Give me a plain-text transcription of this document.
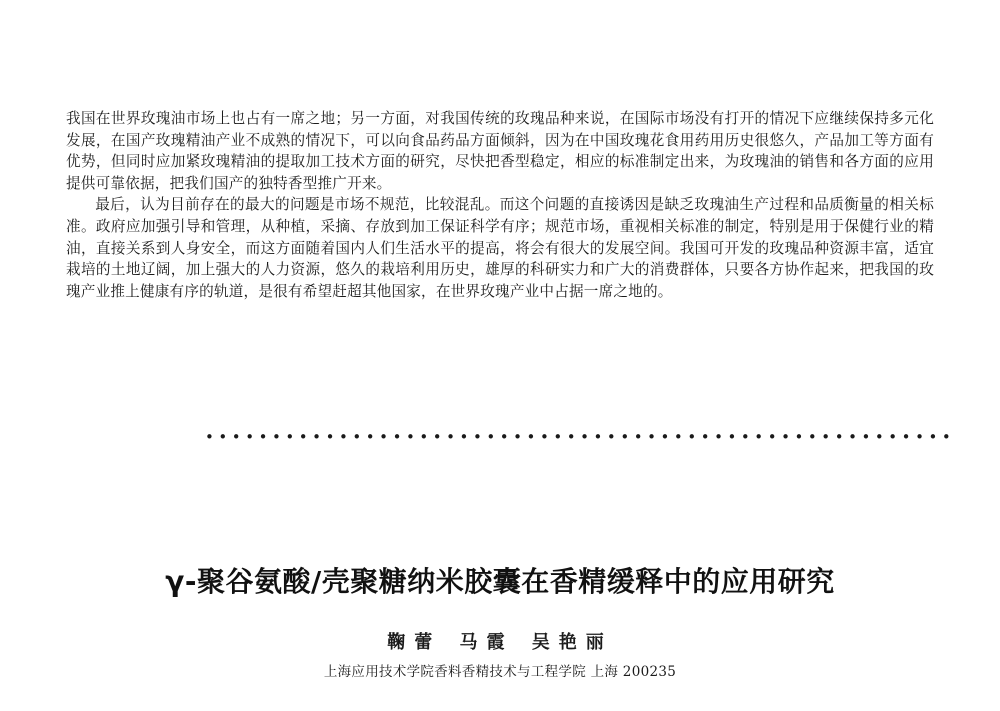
我国在世界玫瑰油市场上也占有一席之地；另一方面，对我国传统的玫瑰品种来说，在国际市场没有打开的情况下应继续保持多元化发展，在国产玫瑰精油产业不成熟的情况下，可以向食品药品方面倾斜，因为在中国玫瑰花食用药用历史很悠久，产品加工等方面有优势，但同时应加紧玫瑰精油的提取加工技术方面的研究，尽快把香型稳定，相应的标准制定出来，为玫瑰油的销售和各方面的应用提供可靠依据，把我们国产的独特香型推广开来。

最后，认为目前存在的最大的问题是市场不规范，比较混乱。而这个问题的直接诱因是缺乏玫瑰油生产过程和品质衡量的相关标准。政府应加强引导和管理，从种植，采摘、存放到加工保证科学有序；规范市场，重视相关标准的制定，特别是用于保健行业的精油，直接关系到人身安全，而这方面随着国内人们生活水平的提高，将会有很大的发展空间。我国可开发的玫瑰品种资源丰富，适宜栽培的土地辽阔，加上强大的人力资源，悠久的栽培利用历史，雄厚的科研实力和广大的消费群体，只要各方协作起来，把我国的玫瑰产业推上健康有序的轨道，是很有希望赶超其他国家，在世界玫瑰产业中占据一席之地的。

••••••••••••••••••••••••••••••••••••••••••••••••••••••••
γ-聚谷氨酸/壳聚糖纳米胶囊在香精缓释中的应用研究
鞠蕾 马霞 吴艳丽
上海应用技术学院香料香精技术与工程学院 上海 200235
